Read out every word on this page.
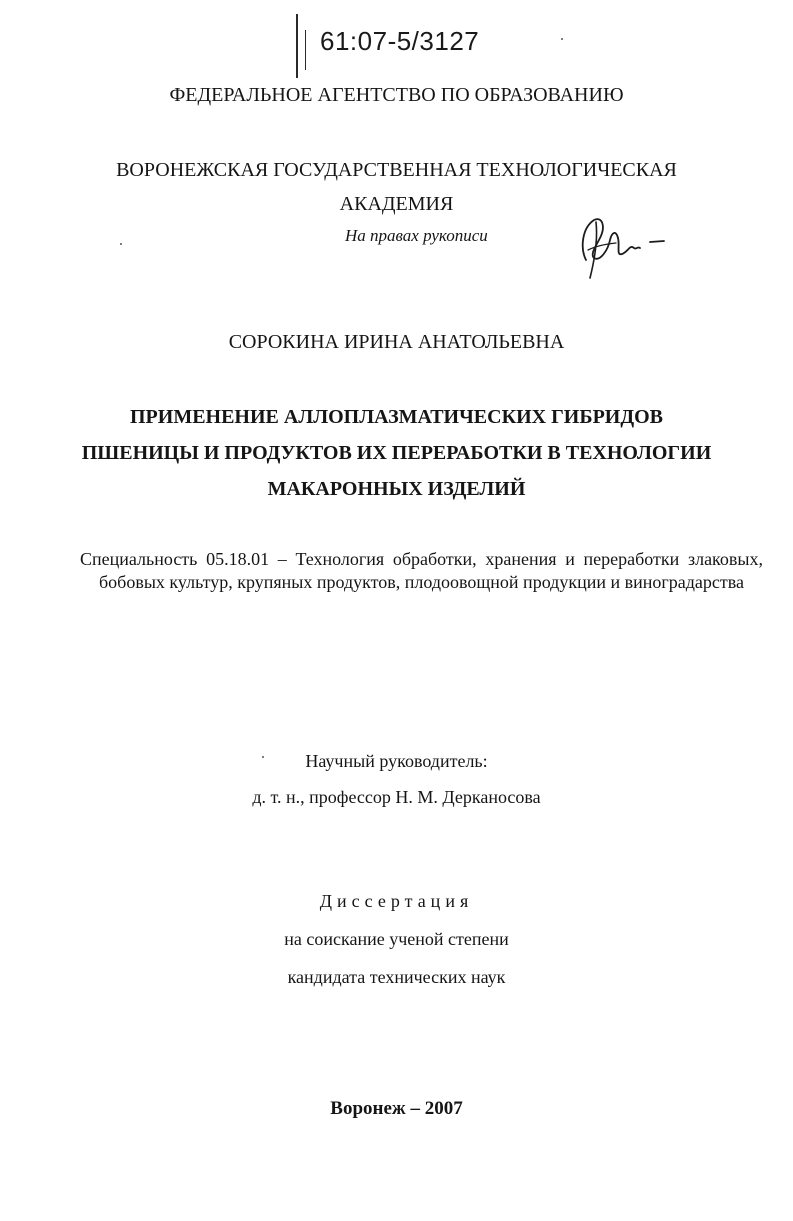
61:07-5/3127

ФЕДЕРАЛЬНОЕ АГЕНТСТВО ПО ОБРАЗОВАНИЮ

ВОРОНЕЖСКАЯ ГОСУДАРСТВЕННАЯ ТЕХНОЛОГИЧЕСКАЯ
АКАДЕМИЯ

На правах рукописи

СОРОКИНА ИРИНА АНАТОЛЬЕВНА

ПРИМЕНЕНИЕ АЛЛОПЛАЗМАТИЧЕСКИХ ГИБРИДОВ ПШЕНИЦЫ И ПРОДУКТОВ ИХ ПЕРЕРАБОТКИ В ТЕХНОЛОГИИ МАКАРОННЫХ ИЗДЕЛИЙ

Специальность 05.18.01 – Технология обработки, хранения и переработки злаковых, бобовых культур, крупяных продуктов, плодоовощной продукции и виноградарства

Научный руководитель:
д. т. н., профессор Н. М. Дерканосова
Диссертация
на соискание ученой степени
кандидата технических наук

Воронеж – 2007
